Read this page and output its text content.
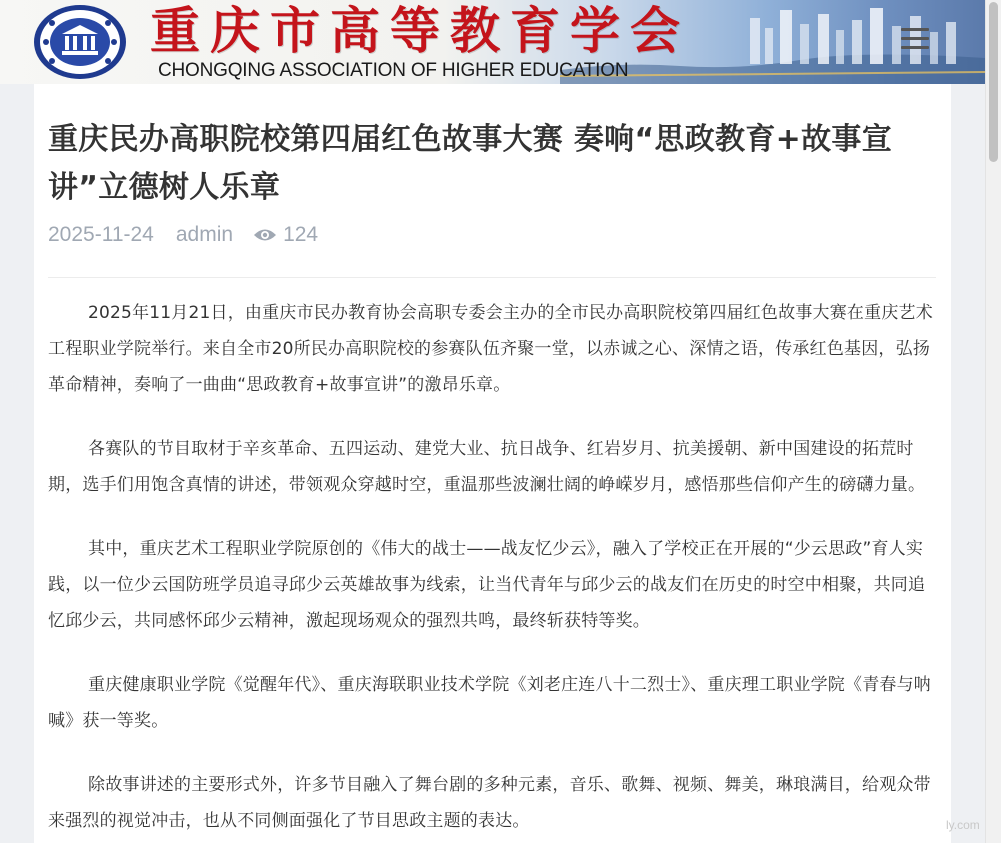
重庆市高等教育学会
CHONGQING ASSOCIATION OF HIGHER EDUCATION
重庆民办高职院校第四届红色故事大赛 奏响“思政教育+故事宣讲”立德树人乐章
2025-11-24 admin 124

2025年11月21日，由重庆市民办教育协会高职专委会主办的全市民办高职院校第四届红色故事大赛在重庆艺术工程职业学院举行。来自全市20所民办高职院校的参赛队伍齐聚一堂，以赤诚之心、深情之语，传承红色基因，弘扬革命精神，奏响了一曲曲“思政教育+故事宣讲”的激昂乐章。

各赛队的节目取材于辛亥革命、五四运动、建党大业、抗日战争、红岩岁月、抗美援朝、新中国建设的拓荒时期，选手们用饱含真情的讲述，带领观众穿越时空，重温那些波澜壮阔的峥嵘岁月，感悟那些信仰产生的磅礴力量。

其中，重庆艺术工程职业学院原创的《伟大的战士——战友忆少云》，融入了学校正在开展的“少云思政”育人实践，以一位少云国防班学员追寻邱少云英雄故事为线索，让当代青年与邱少云的战友们在历史的时空中相聚，共同追忆邱少云，共同感怀邱少云精神，激起现场观众的强烈共鸣，最终斩获特等奖。

重庆健康职业学院《觉醒年代》、重庆海联职业技术学院《刘老庄连八十二烈士》、重庆理工职业学院《青春与呐喊》获一等奖。

除故事讲述的主要形式外，许多节目融入了舞台剧的多种元素，音乐、歌舞、视频、舞美，琳琅满目，给观众带来强烈的视觉冲击，也从不同侧面强化了节目思政主题的表达。	ly.com
